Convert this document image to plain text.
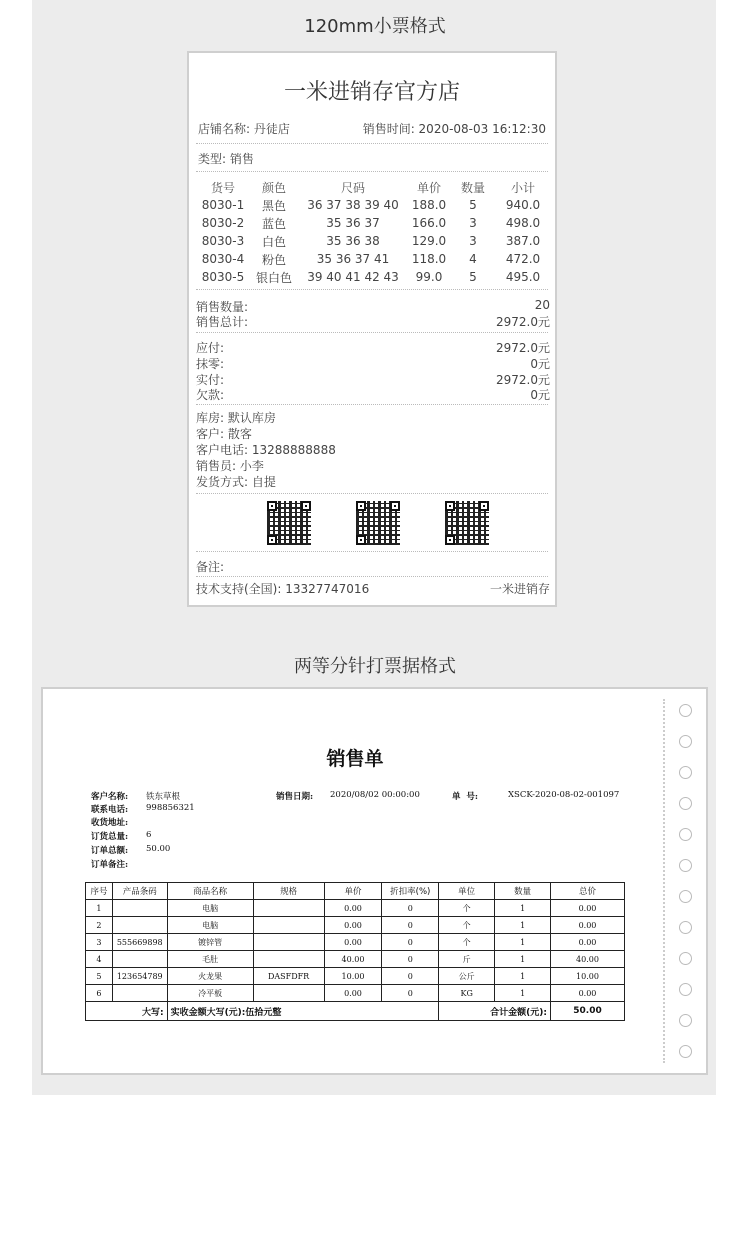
120mm小票格式
一米进销存官方店
店铺名称: 丹徒店	销售时间: 2020-08-03 16:12:30
类型: 销售
货号	颜色	尺码	单价	数量	小计
8030-1	黑色	36 37 38 39 40	188.0	5	940.0
8030-2	蓝色	35 36 37	166.0	3	498.0
8030-3	白色	35 36 38	129.0	3	387.0
8030-4	粉色	35 36 37 41	118.0	4	472.0
8030-5	银白色	39 40 41 42 43	99.0	5	495.0
销售数量:	20
销售总计:	2972.0元
应付:	2972.0元
抹零:	0元
实付:	2972.0元
欠款:	0元
库房: 默认库房
客户: 散客
客户电话: 13288888888
销售员: 小李
发货方式: 自提
备注:
技术支持(全国): 13327747016	一米进销存
两等分针打票据格式
销售单
客户名称: 铁东草根
联系电话: 998856321
收货地址:
订货总量: 6
订单总额: 50.00
订单备注:
销售日期: 2020/08/02 00:00:00	单  号:	XSCK-2020-08-02-001097
序号	产品条码	商品名称	规格	单价	折扣率(%)	单位	数量	总价
1		电脑		0.00	0	个	1	0.00
2		电脑		0.00	0	个	1	0.00
3	555669898	镀锌管		0.00	0	个	1	0.00
4		毛肚		40.00	0	斤	1	40.00
5	123654789	火龙果	DASFDFR	10.00	0	公斤	1	10.00
6		冷平板		0.00	0	KG	1	0.00
大写:		实收金额大写(元):伍拾元整				合计金额(元):		50.00
